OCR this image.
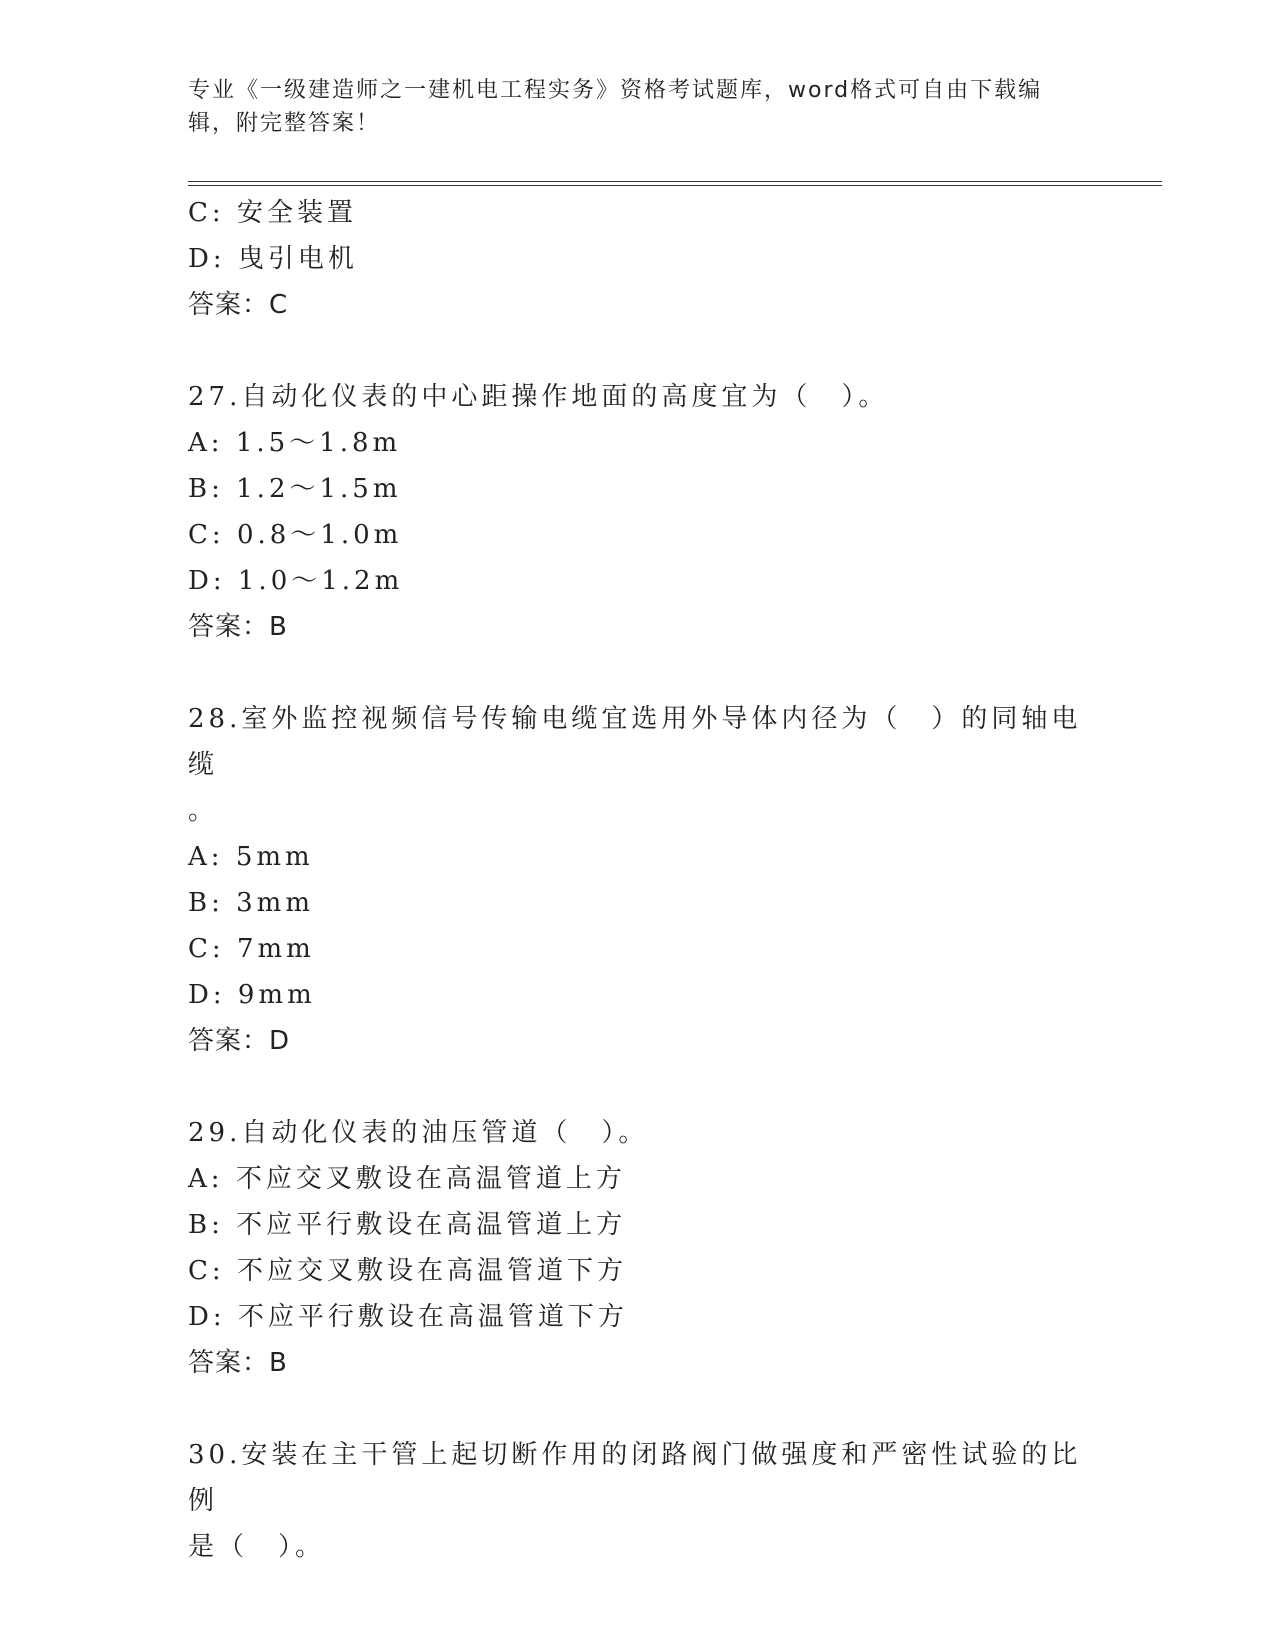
专业《一级建造师之一建机电工程实务》资格考试题库，word格式可自由下载编
辑，附完整答案！
C: 安全装置
D: 曳引电机
答案：C
27.自动化仪表的中心距操作地面的高度宜为（　）。
A: 1.5～1.8m
B: 1.2～1.5m
C: 0.8～1.0m
D: 1.0～1.2m
答案：B
28.室外监控视频信号传输电缆宜选用外导体内径为（　）的同轴电缆
。
A: 5mm
B: 3mm
C: 7mm
D: 9mm
答案：D
29.自动化仪表的油压管道（　）。
A: 不应交叉敷设在高温管道上方
B: 不应平行敷设在高温管道上方
C: 不应交叉敷设在高温管道下方
D: 不应平行敷设在高温管道下方
答案：B
30.安装在主干管上起切断作用的闭路阀门做强度和严密性试验的比例
是（　）。
